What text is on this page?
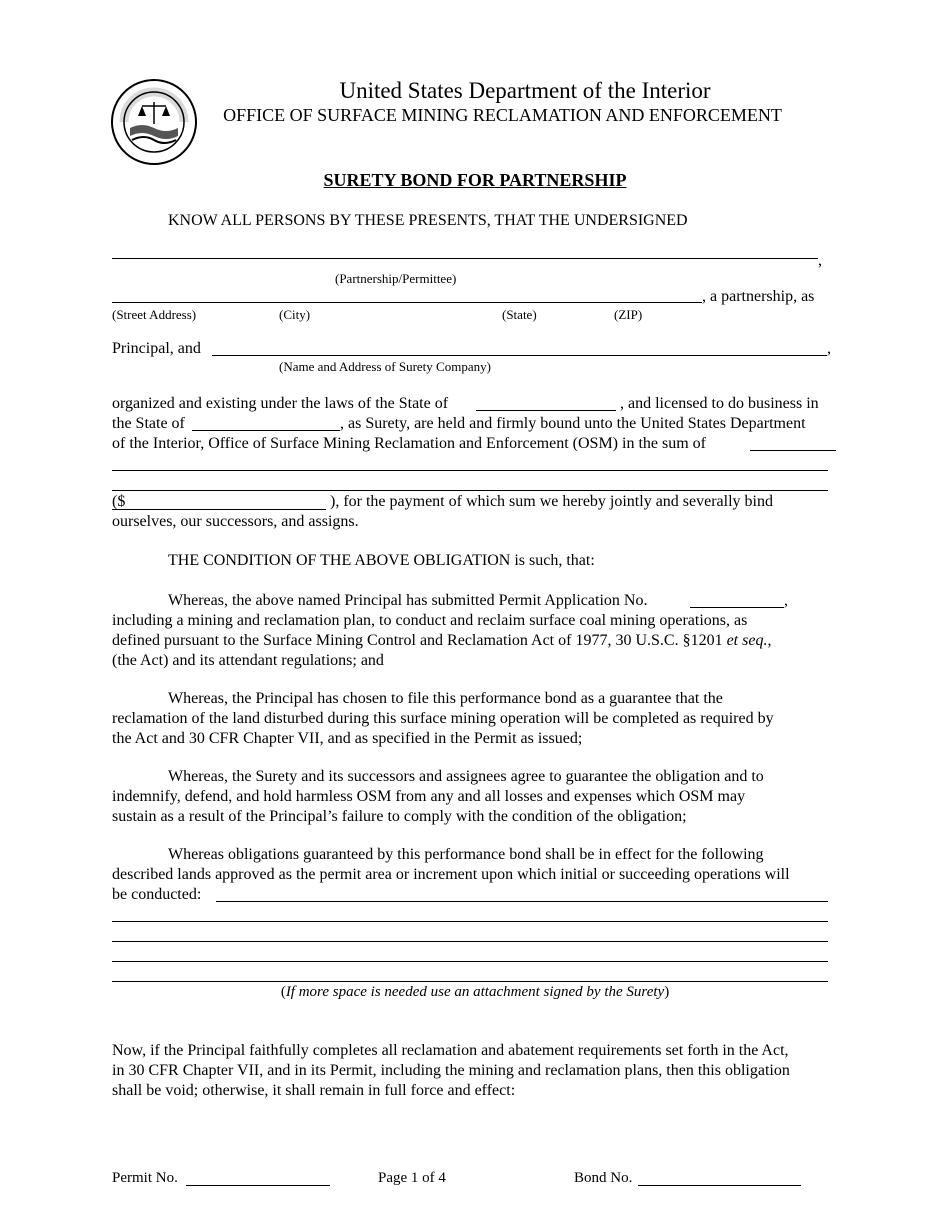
United States Department of the Interior
OFFICE OF SURFACE MINING RECLAMATION AND ENFORCEMENT
SURETY BOND FOR PARTNERSHIP
KNOW ALL PERSONS BY THESE PRESENTS, THAT THE UNDERSIGNED
,
(Partnership/Permittee)
, a partnership, as
(Street Address)	(City)	(State)	(ZIP)
Principal, and	,
(Name and Address of Surety Company)
organized and existing under the laws of the State of	, and licensed to do business in
the State of	, as Surety, are held and firmly bound unto the United States Department
of the Interior, Office of Surface Mining Reclamation and Enforcement (OSM) in the sum of
($	), for the payment of which sum we hereby jointly and severally bind
ourselves, our successors, and assigns.
THE CONDITION OF THE ABOVE OBLIGATION is such, that:
Whereas, the above named Principal has submitted Permit Application No.	,
including a mining and reclamation plan, to conduct and reclaim surface coal mining operations, as
defined pursuant to the Surface Mining Control and Reclamation Act of 1977, 30 U.S.C. §1201 et seq.,
(the Act) and its attendant regulations; and
Whereas, the Principal has chosen to file this performance bond as a guarantee that the
reclamation of the land disturbed during this surface mining operation will be completed as required by
the Act and 30 CFR Chapter VII, and as specified in the Permit as issued;
Whereas, the Surety and its successors and assignees agree to guarantee the obligation and to
indemnify, defend, and hold harmless OSM from any and all losses and expenses which OSM may
sustain as a result of the Principal’s failure to comply with the condition of the obligation;
Whereas obligations guaranteed by this performance bond shall be in effect for the following
described lands approved as the permit area or increment upon which initial or succeeding operations will
be conducted:
(If more space is needed use an attachment signed by the Surety)
Now, if the Principal faithfully completes all reclamation and abatement requirements set forth in the Act,
in 30 CFR Chapter VII, and in its Permit, including the mining and reclamation plans, then this obligation
shall be void; otherwise, it shall remain in full force and effect:
Permit No.	Page 1 of 4	Bond No.
